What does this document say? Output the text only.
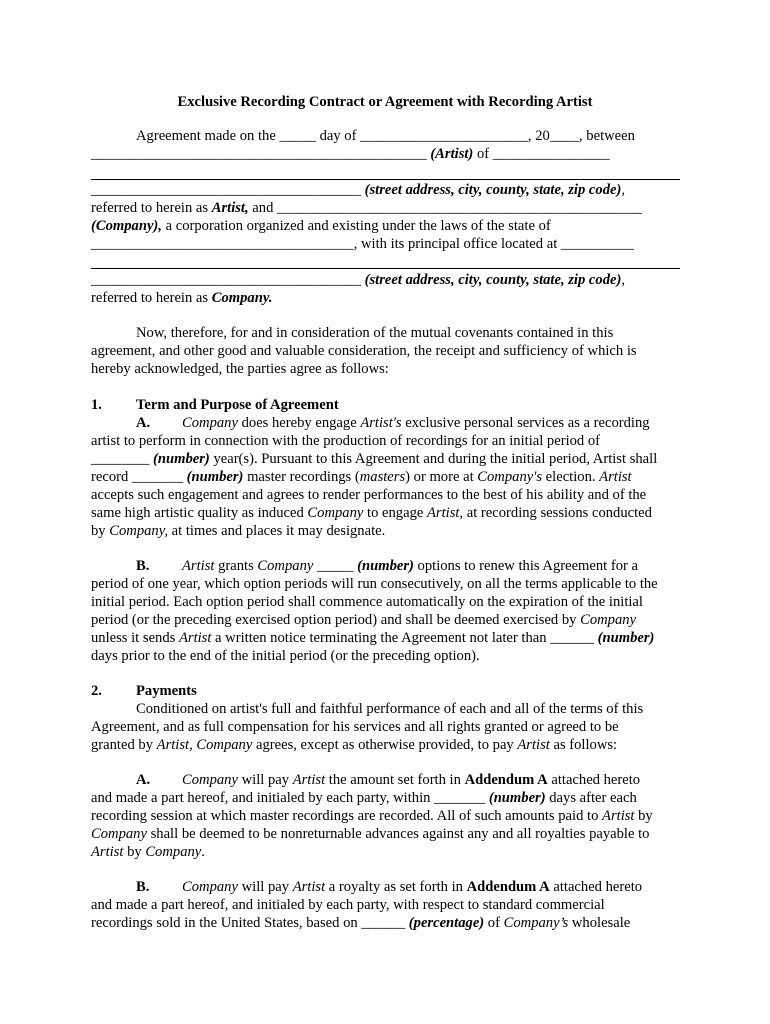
Exclusive Recording Contract or Agreement with Recording Artist
Agreement made on the _____ day of _______________________, 20____, between
______________________________________________ (Artist) of ________________
_____________________________________ (street address, city, county, state, zip code),
referred to herein as Artist, and __________________________________________________
(Company), a corporation organized and existing under the laws of the state of
____________________________________, with its principal office located at __________
_____________________________________ (street address, city, county, state, zip code),
referred to herein as Company.
Now, therefore, for and in consideration of the mutual covenants contained in this
agreement, and other good and valuable consideration, the receipt and sufficiency of which is
hereby acknowledged, the parties agree as follows:
1. Term and Purpose of Agreement
A. Company does hereby engage Artist's exclusive personal services as a recording
artist to perform in connection with the production of recordings for an initial period of
________ (number) year(s). Pursuant to this Agreement and during the initial period, Artist shall
record _______ (number) master recordings (masters) or more at Company's election. Artist
accepts such engagement and agrees to render performances to the best of his ability and of the
same high artistic quality as induced Company to engage Artist, at recording sessions conducted
by Company, at times and places it may designate.
B. Artist grants Company _____ (number) options to renew this Agreement for a
period of one year, which option periods will run consecutively, on all the terms applicable to the
initial period. Each option period shall commence automatically on the expiration of the initial
period (or the preceding exercised option period) and shall be deemed exercised by Company
unless it sends Artist a written notice terminating the Agreement not later than ______ (number)
days prior to the end of the initial period (or the preceding option).
2. Payments
Conditioned on artist's full and faithful performance of each and all of the terms of this
Agreement, and as full compensation for his services and all rights granted or agreed to be
granted by Artist, Company agrees, except as otherwise provided, to pay Artist as follows:
A. Company will pay Artist the amount set forth in Addendum A attached hereto
and made a part hereof, and initialed by each party, within _______ (number) days after each
recording session at which master recordings are recorded. All of such amounts paid to Artist by
Company shall be deemed to be nonreturnable advances against any and all royalties payable to
Artist by Company.
B. Company will pay Artist a royalty as set forth in Addendum A attached hereto
and made a part hereof, and initialed by each party, with respect to standard commercial
recordings sold in the United States, based on ______ (percentage) of Company’s wholesale
